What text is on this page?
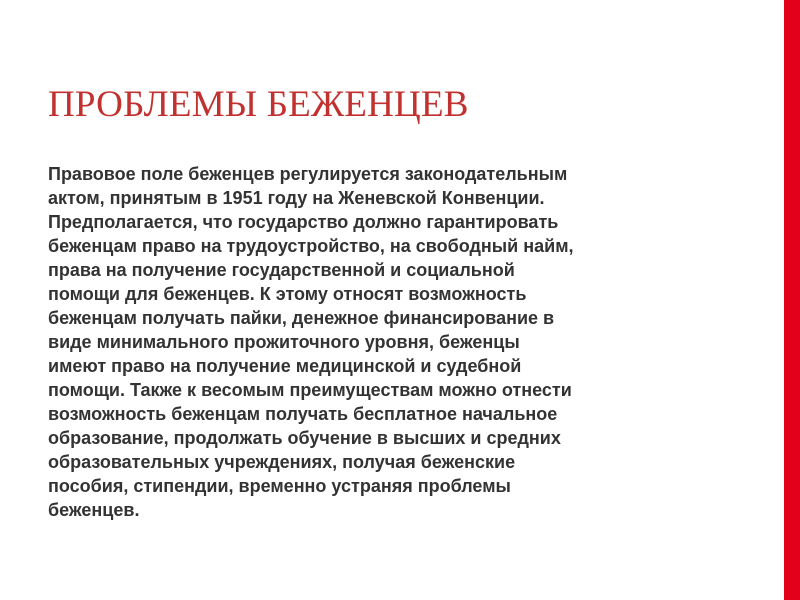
ПРОБЛЕМЫ БЕЖЕНЦЕВ
Правовое поле беженцев регулируется законодательным
актом, принятым в 1951 году на Женевской Конвенции.
Предполагается, что государство должно гарантировать
беженцам право на трудоустройство, на свободный найм,
права на получение государственной и социальной
помощи для беженцев. К этому относят возможность
беженцам получать пайки, денежное финансирование в
виде минимального прожиточного уровня, беженцы
имеют право на получение медицинской и судебной
помощи. Также к весомым преимуществам можно отнести
возможность беженцам получать бесплатное начальное
образование, продолжать обучение в высших и средних
образовательных учреждениях, получая беженские
пособия, стипендии, временно устраняя проблемы
беженцев.
